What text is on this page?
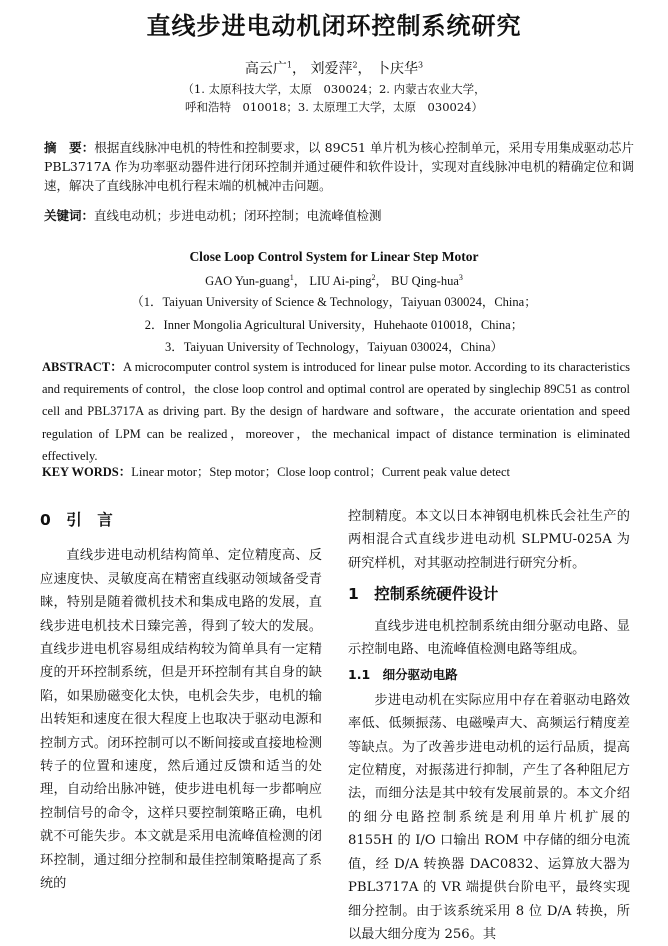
直线步进电动机闭环控制系统研究
高云广$^1$， 刘爱萍$^2$， 卜庆华$^3$
（1. 太原科技大学，太原　030024；2. 内蒙古农业大学，
呼和浩特　010018；3. 太原理工大学，太原　030024）
摘　要：根据直线脉冲电机的特性和控制要求，以 89C51 单片机为核心控制单元，采用专用集成驱动芯片 PBL3717A 作为功率驱动器件进行闭环控制并通过硬件和软件设计，实现对直线脉冲电机的精确定位和调速，解决了直线脉冲电机行程末端的机械冲击问题。
关键词：直线电动机；步进电动机；闭环控制；电流峰值检测
Close Loop Control System for Linear Step Motor
GAO Yun-guang$^1$， LIU Ai-ping$^2$， BU Qing-hua$^3$
（1．Taiyuan University of Science & Technology，Taiyuan 030024，China；
2．Inner Mongolia Agricultural University，Huhehaote 010018，China；
3．Taiyuan University of Technology，Taiyuan 030024，China）
ABSTRACT：A microcomputer control system is introduced for linear pulse motor. According to its characteristics and requirements of control，the close loop control and optimal control are operated by singlechip 89C51 as control cell and PBL3717A as driving part. By the design of hardware and software，the accurate orientation and speed regulation of LPM can be realized，moreover，the mechanical impact of distance termination is eliminated effectively.
KEY WORDS：Linear motor；Step motor；Close loop control；Current peak value detect

0　引　言

直线步进电动机结构简单、定位精度高、反应速度快、灵敏度高在精密直线驱动领域备受青睐，特别是随着微机技术和集成电路的发展，直线步进电机技术日臻完善，得到了较大的发展。直线步进电机容易组成结构较为简单具有一定精度的开环控制系统，但是开环控制有其自身的缺陷，如果励磁变化太快，电机会失步，电机的输出转矩和速度在很大程度上也取决于驱动电源和控制方式。闭环控制可以不断间接或直接地检测转子的位置和速度，然后通过反馈和适当的处理，自动给出脉冲链，使步进电机每一步都响应控制信号的命令，这样只要控制策略正确，电机就不可能失步。本文就是采用电流峰值检测的闭环控制，通过细分控制和最佳控制策略提高了系统的

控制精度。本文以日本神钢电机株氏会社生产的两相混合式直线步进电动机 SLPMU-025A 为研究样机，对其驱动控制进行研究分析。

1　控制系统硬件设计

直线步进电机控制系统由细分驱动电路、显示控制电路、电流峰值检测电路等组成。

1.1　细分驱动电路

步进电动机在实际应用中存在着驱动电路效率低、低频振荡、电磁噪声大、高频运行精度差等缺点。为了改善步进电动机的运行品质，提高定位精度，对振荡进行抑制，产生了各种阻尼方法，而细分法是其中较有发展前景的。本文介绍的细分电路控制系统是利用单片机扩展的 8155H 的 I/O 口输出 ROM 中存储的细分电流值，经 D/A 转换器 DAC0832、运算放大器为 PBL3717A 的 VR 端提供台阶电平，最终实现细分控制。由于该系统采用 8 位 D/A 转换，所以最大细分度为 256。其
